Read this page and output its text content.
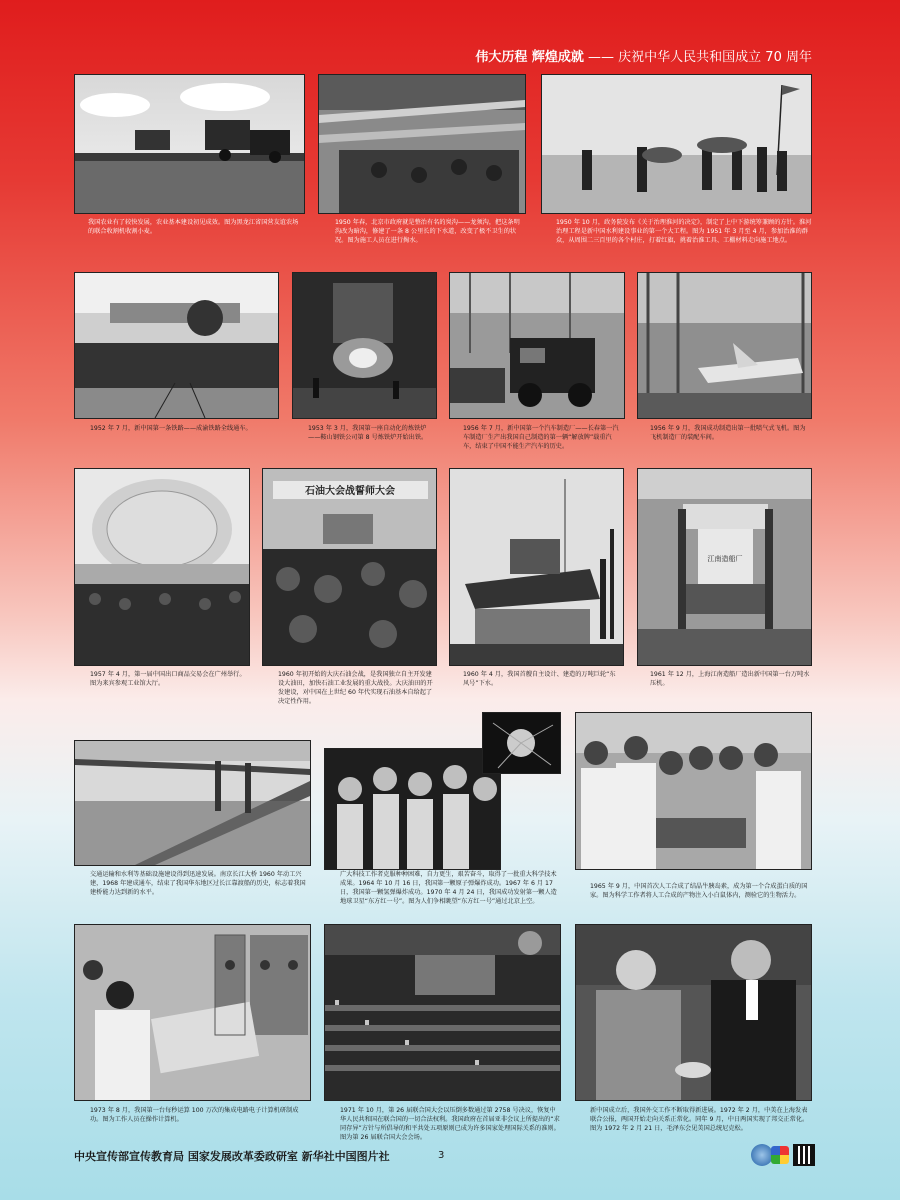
伟大历程 辉煌成就 —— 庆祝中华人民共和国成立 70 周年
我国农业有了较快发展，农业基本建设初见成效。图为黑龙江省国营友谊农场的联合收割机收割小麦。
1950 年春，北京市政府就是整治有名的臭沟——龙须沟，把这条明沟改为暗沟，修建了一条 8 公里长的下水道，改变了极不卫生的状况。图为施工人员在进行掏水。
1950 年 10 月，政务院发布《关于治理淮河的决定》，制定了上中下游统筹兼顾的方针。淮河治理工程是新中国水利建设事业的第一个大工程。图为 1951 年 3 月至 4 月，参加治淮的群众，从周围二三百里的各个村庄，打着红旗，挑着治淮工具、工棚材料走向施工地点。
1952 年 7 月，新中国第一条铁路——成渝铁路全线通车。	1953 年 3 月，我国第一座自动化的炼铁炉——鞍山钢铁公司第 8 号炼铁炉开始出铁。
1956 年 7 月，新中国第一个汽车制造厂——长春第一汽车制造厂生产出我国自己制造的第一辆“解放牌”载重汽车，结束了中国不能生产汽车的历史。
1956 年 9 月，我国成功制造出第一批喷气式飞机。图为飞机制造厂的装配车间。
1957 年 4 月，第一届中国出口商品交易会在广州举行。图为来宾参观工业馆大厅。
石油大会战誓师大会
1960 年初开始的大庆石油会战，是我国独立自主开发建设大油田，加快石油工业发展的重大战役。大庆油田的开发建设，对中国在上世纪 60 年代实现石油基本自给起了决定性作用。
1960 年 4 月，我国首艘自主设计、建造的万吨巨轮“东风号”下水。
江南造船厂
1961 年 12 月，上海江南造船厂造出新中国第一台万吨水压机。
交通运输和水利等基础设施建设得到迅速发展。南京长江大桥 1960 年动工兴建，1968 年建成通车，结束了我国华东地区过长江靠渡船的历史，标志着我国建桥能力达到新的水平。
广大科技工作者克服种种困难，自力更生，艰苦奋斗，取得了一批重大科学技术成果。1964 年 10 月 16 日，我国第一颗原子弹爆炸成功。1967 年 6 月 17 日，我国第一颗氢弹爆炸成功。1970 年 4 月 24 日，我国成功发射第一颗人造地球卫星“东方红一号”。图为人们争相眺望“东方红一号”通过北京上空。
1965 年 9 月，中国首次人工合成了结晶牛胰岛素，成为第一个合成蛋白质的国家。图为科学工作者将人工合成的产物注入小白鼠体内，测验它的生物活力。
1973 年 8 月，我国第一台每秒运算 100 万次的集成电路电子计算机研制成功。图为工作人员在操作计算机。
1971 年 10 月，第 26 届联合国大会以压倒多数通过第 2758 号决议，恢复中华人民共和国在联合国的一切合法权利。我国政府在首届亚非会议上所提出的“求同存异”方针与所倡导的和平共处五项原则已成为许多国家处理国际关系的准则。图为第 26 届联合国大会会场。
新中国成立后，我国外交工作不断取得新进展。1972 年 2 月，中美在上海发表联合公报，两国开始走向关系正常化。同年 9 月，中日两国实现了邦交正常化。图为 1972 年 2 月 21 日，毛泽东会见美国总统尼克松。
中央宣传部宣传教育局 国家发展改革委政研室 新华社中国图片社	3
